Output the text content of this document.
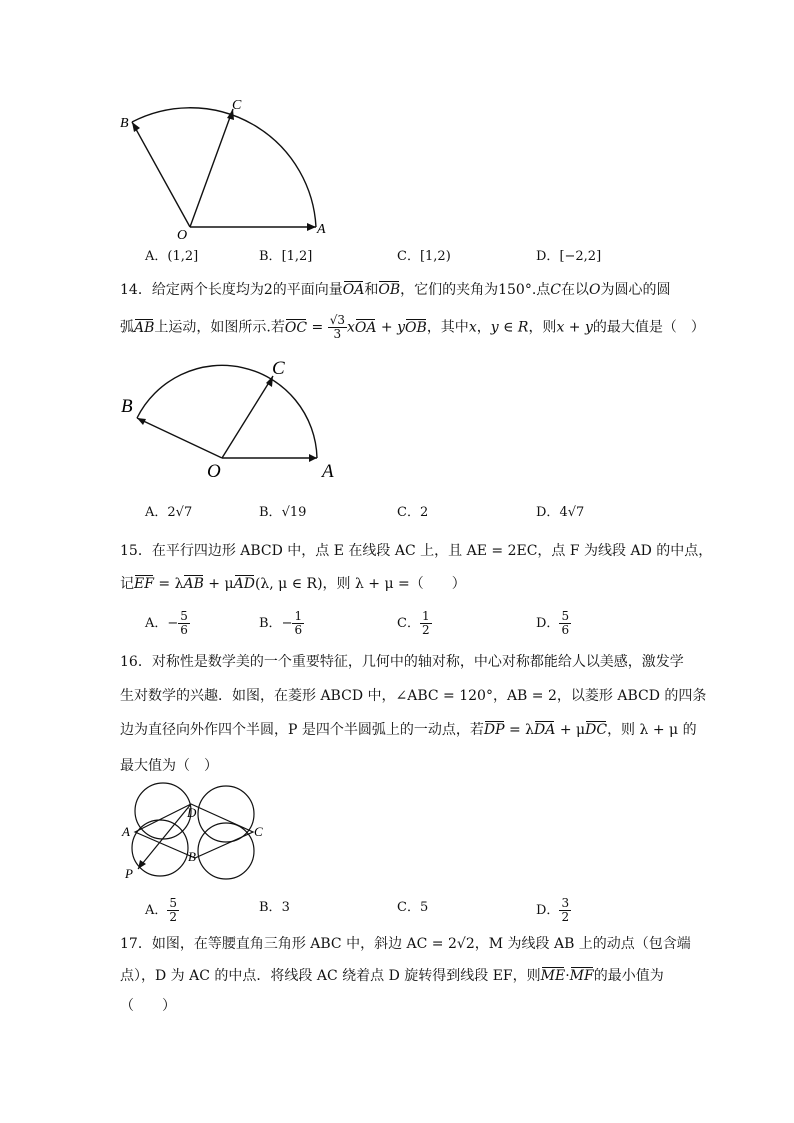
B
C
O	A
A．(1,2]	B．[1,2]	C．[1,2)	D．[−2,2]
14．给定两个长度均为2的平面向量OA和OB，它们的夹角为150°.点C在以O为圆心的圆
弧AB上运动，如图所示.若OC = $\frac{√3}{3}$ xOA + yOB，其中x，y ∈ R，则x + y的最大值是（　）
B
C
O	A
A．2√7	B．√19	C．2	D．4√7
15．在平行四边形 ABCD 中，点 E 在线段 AC 上，且 AE = 2EC，点 F 为线段 AD 的中点，
记EF = λAB + μAD(λ, μ ∈ R)，则 λ + μ =（　　）
A．− $\frac{5}{6}$	B．− $\frac{1}{6}$	C． $\frac{1}{2}$	D． $\frac{5}{6}$
16．对称性是数学美的一个重要特征，几何中的轴对称，中心对称都能给人以美感，激发学
生对数学的兴趣．如图，在菱形 ABCD 中，∠ABC = 120°，AB = 2，以菱形 ABCD 的四条
边为直径向外作四个半圆，P 是四个半圆弧上的一动点，若DP = λDA + μDC，则 λ + μ 的
最大值为（　）
D
A	C
B
P
A． $\frac{5}{2}$	B．3	C．5	D． $\frac{3}{2}$
17．如图，在等腰直角三角形 ABC 中，斜边 AC = 2√2，M 为线段 AB 上的动点（包含端
点），D 为 AC 的中点．将线段 AC 绕着点 D 旋转得到线段 EF，则ME·MF的最小值为
（　　）
